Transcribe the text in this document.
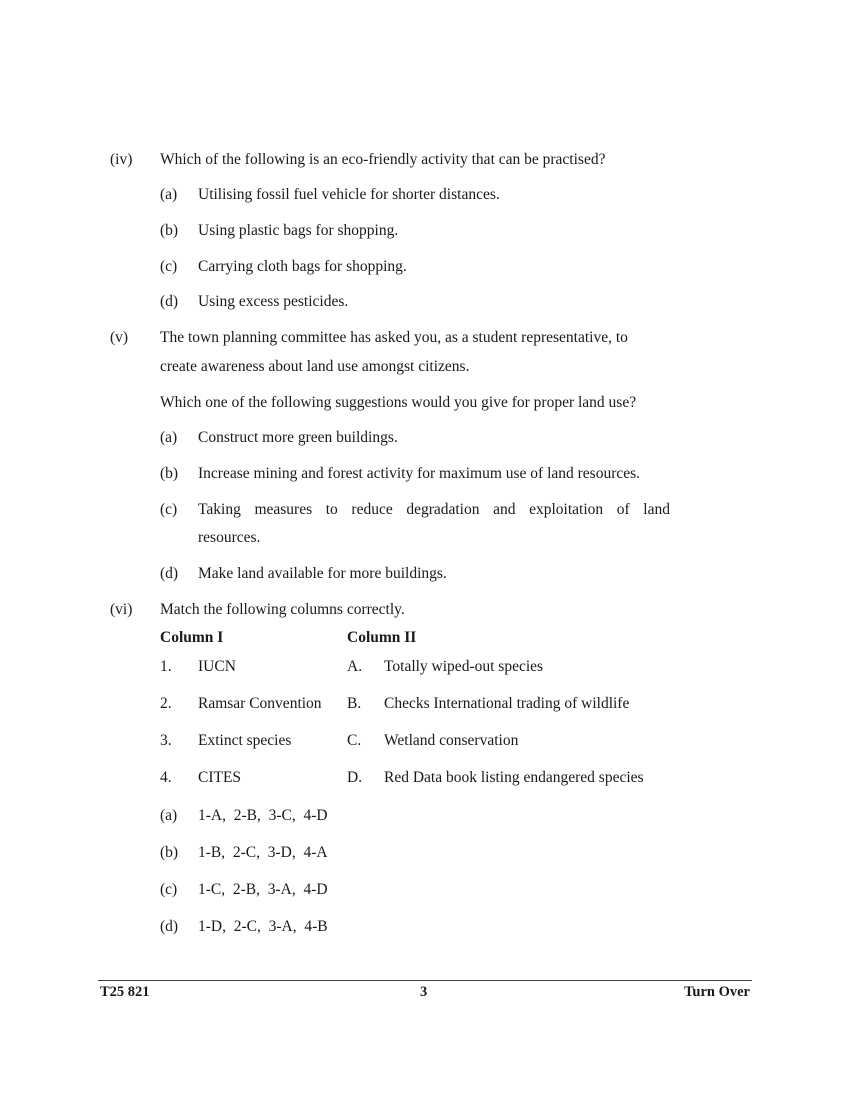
(iv) Which of the following is an eco-friendly activity that can be practised?
(a) Utilising fossil fuel vehicle for shorter distances.
(b) Using plastic bags for shopping.
(c) Carrying cloth bags for shopping.
(d) Using excess pesticides.
(v) The town planning committee has asked you, as a student representative, to
create awareness about land use amongst citizens.
Which one of the following suggestions would you give for proper land use?
(a) Construct more green buildings.
(b) Increase mining and forest activity for maximum use of land resources.
(c) Taking measures to reduce degradation and exploitation of land
resources.
(d) Make land available for more buildings.
(vi) Match the following columns correctly.
Column I	Column II
1. IUCN	A. Totally wiped-out species
2. Ramsar Convention B. Checks International trading of wildlife
3. Extinct species	C. Wetland conservation
4. CITES	D. Red Data book listing endangered species
(a) 1-A,  2-B,  3-C,  4-D
(b) 1-B,  2-C,  3-D,  4-A
(c) 1-C,  2-B,  3-A,  4-D
(d) 1-D,  2-C,  3-A,  4-B
T25 821	3	Turn Over
